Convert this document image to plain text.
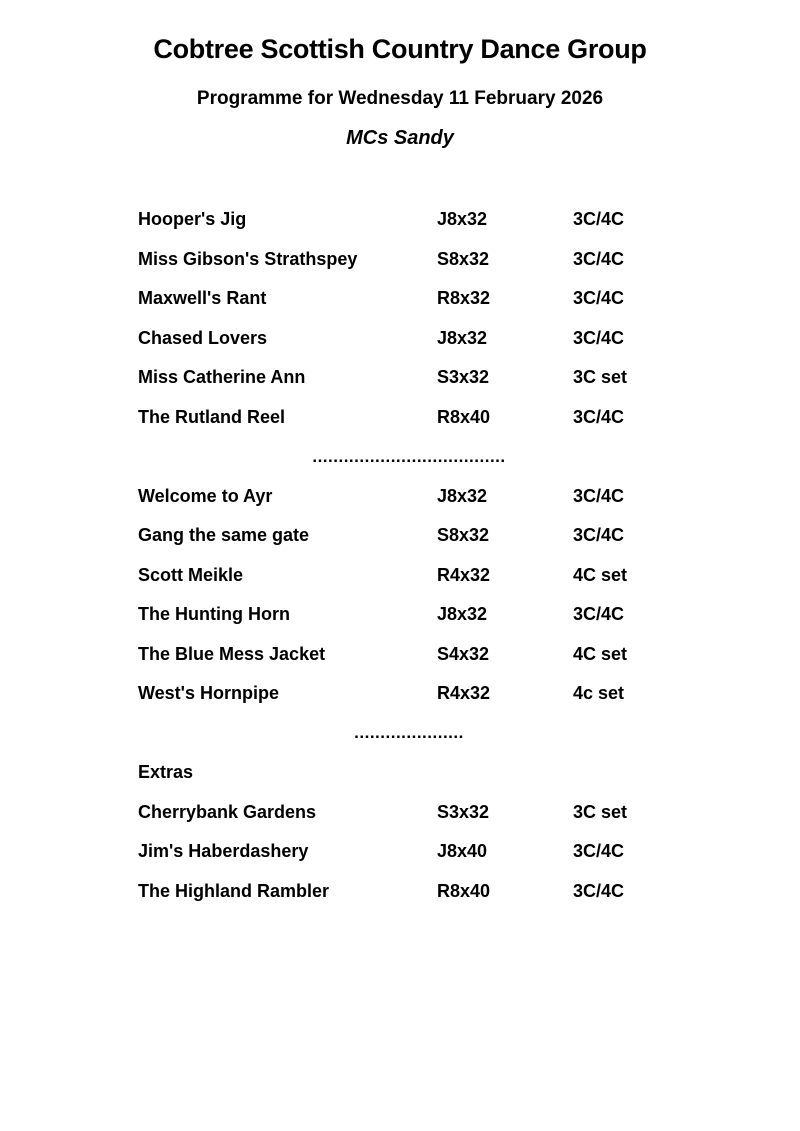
Cobtree Scottish Country Dance Group
Programme for Wednesday 11 February 2026
MCs Sandy
Hooper's Jig	J8x32	3C/4C
Miss Gibson's Strathspey	S8x32	3C/4C
Maxwell's Rant	R8x32	3C/4C
Chased Lovers	J8x32	3C/4C
Miss Catherine Ann	S3x32	3C set
The Rutland Reel	R8x40	3C/4C
.....................................
Welcome to Ayr	J8x32	3C/4C
Gang the same gate	S8x32	3C/4C
Scott Meikle	R4x32	4C set
The Hunting Horn	J8x32	3C/4C
The Blue Mess Jacket	S4x32	4C set
West's Hornpipe	R4x32	4c set
.....................
Extras
Cherrybank Gardens	S3x32	3C set
Jim's Haberdashery	J8x40	3C/4C
The Highland Rambler	R8x40	3C/4C
